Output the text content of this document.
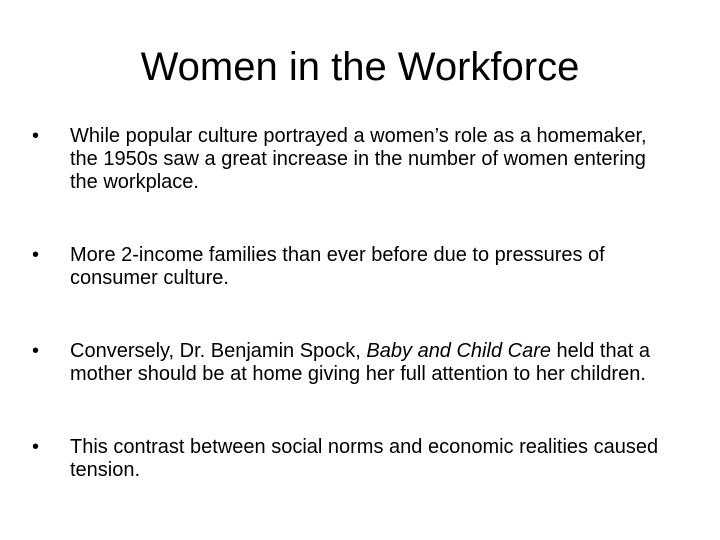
Women in the Workforce
•	While popular culture portrayed a women’s role as a homemaker, the 1950s saw a great increase in the number of women entering the workplace.
•	More 2-income families than ever before due to pressures of consumer culture.
•	Conversely, Dr. Benjamin Spock, Baby and Child Care held that a mother should be at home giving her full attention to her children.
•	This contrast between social norms and economic realities caused tension.
